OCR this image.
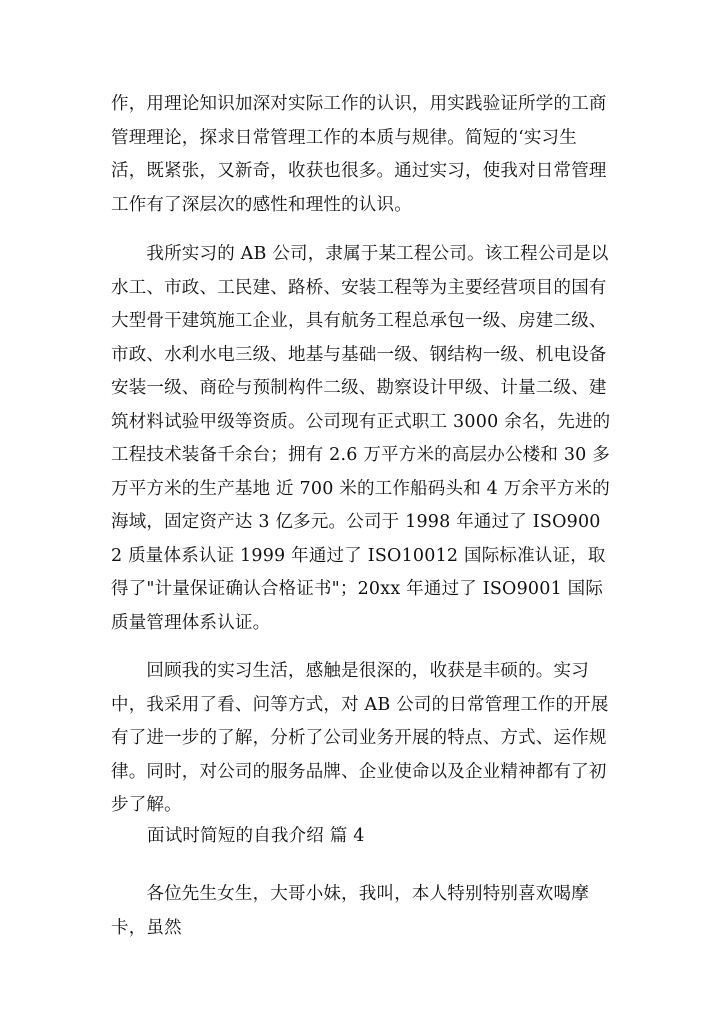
作，用理论知识加深对实际工作的认识，用实践验证所学的工商管理理论，探求日常管理工作的本质与规律。简短的‘实习生活，既紧张，又新奇，收获也很多。通过实习，使我对日常管理工作有了深层次的感性和理性的认识。

　　我所实习的 AB 公司，隶属于某工程公司。该工程公司是以水工、市政、工民建、路桥、安装工程等为主要经营项目的国有大型骨干建筑施工企业，具有航务工程总承包一级、房建二级、市政、水利水电三级、地基与基础一级、钢结构一级、机电设备安装一级、商砼与预制构件二级、勘察设计甲级、计量二级、建筑材料试验甲级等资质。公司现有正式职工 3000 余名，先进的工程技术装备千余台；拥有 2.6 万平方米的高层办公楼和 30 多万平方米的生产基地 近 700 米的工作船码头和 4 万余平方米的海域，固定资产达 3 亿多元。公司于 1998 年通过了 ISO9002 质量体系认证 1999 年通过了 ISO10012 国际标准认证，取得了"计量保证确认合格证书"；20xx 年通过了 ISO9001 国际质量管理体系认证。

　　回顾我的实习生活，感触是很深的，收获是丰硕的。实习中，我采用了看、问等方式，对 AB 公司的日常管理工作的开展有了进一步的了解，分析了公司业务开展的特点、方式、运作规律。同时，对公司的服务品牌、企业使命以及企业精神都有了初步了解。

面试时简短的自我介绍 篇 4

　　各位先生女生，大哥小妹，我叫，本人特别特别喜欢喝摩卡，虽然
